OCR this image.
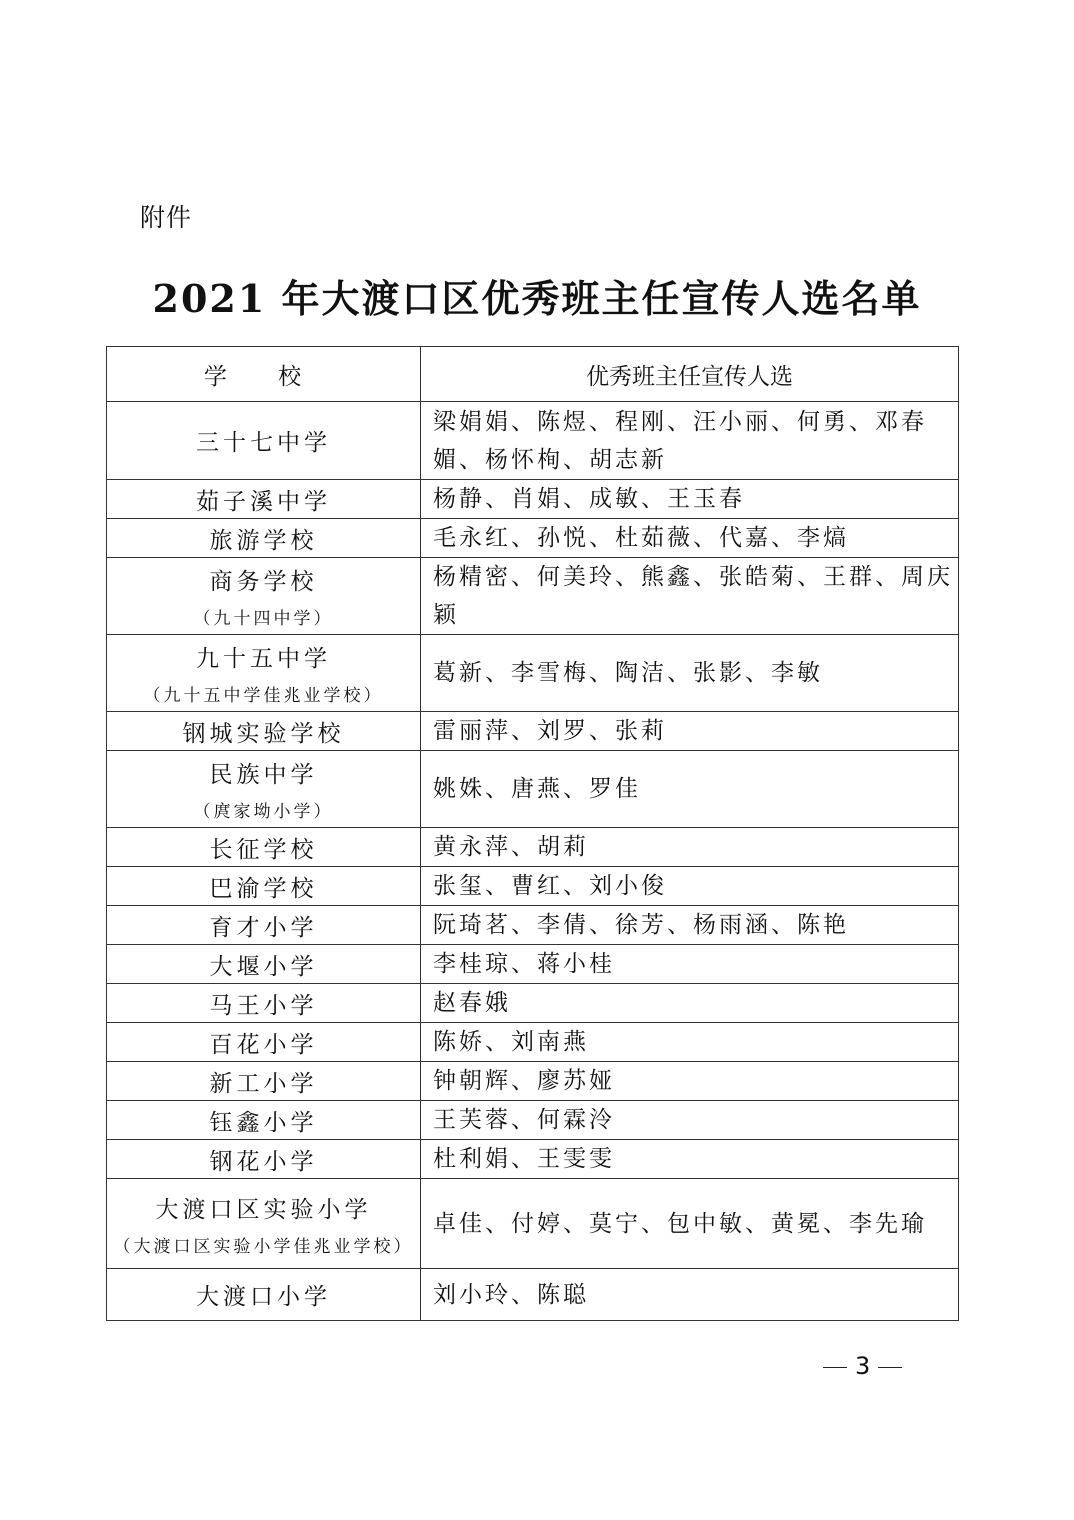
附件
2021 年大渡口区优秀班主任宣传人选名单
学 校	优秀班主任宣传人选
三十七中学	梁娟娟、陈煜、程刚、汪小丽、何勇、邓春媚、杨怀栒、胡志新
茹子溪中学	杨静、肖娟、成敏、王玉春
旅游学校	毛永红、孙悦、杜茹薇、代嘉、李熇
商务学校
（九十四中学）	杨精密、何美玲、熊鑫、张皓菊、王群、周庆颖
九十五中学
（九十五中学佳兆业学校）	葛新、李雪梅、陶洁、张影、李敏
钢城实验学校	雷丽萍、刘罗、张莉
民族中学
（庹家坳小学）	姚姝、唐燕、罗佳
长征学校	黄永萍、胡莉
巴渝学校	张玺、曹红、刘小俊
育才小学	阮琦茗、李倩、徐芳、杨雨涵、陈艳
大堰小学	李桂琼、蒋小桂
马王小学	赵春娥
百花小学	陈娇、刘南燕
新工小学	钟朝辉、廖苏娅
钰鑫小学	王芙蓉、何霖泠
钢花小学	杜利娟、王雯雯
大渡口区实验小学
（大渡口区实验小学佳兆业学校）	卓佳、付婷、莫宁、包中敏、黄冕、李先瑜
大渡口小学	刘小玲、陈聪
3
